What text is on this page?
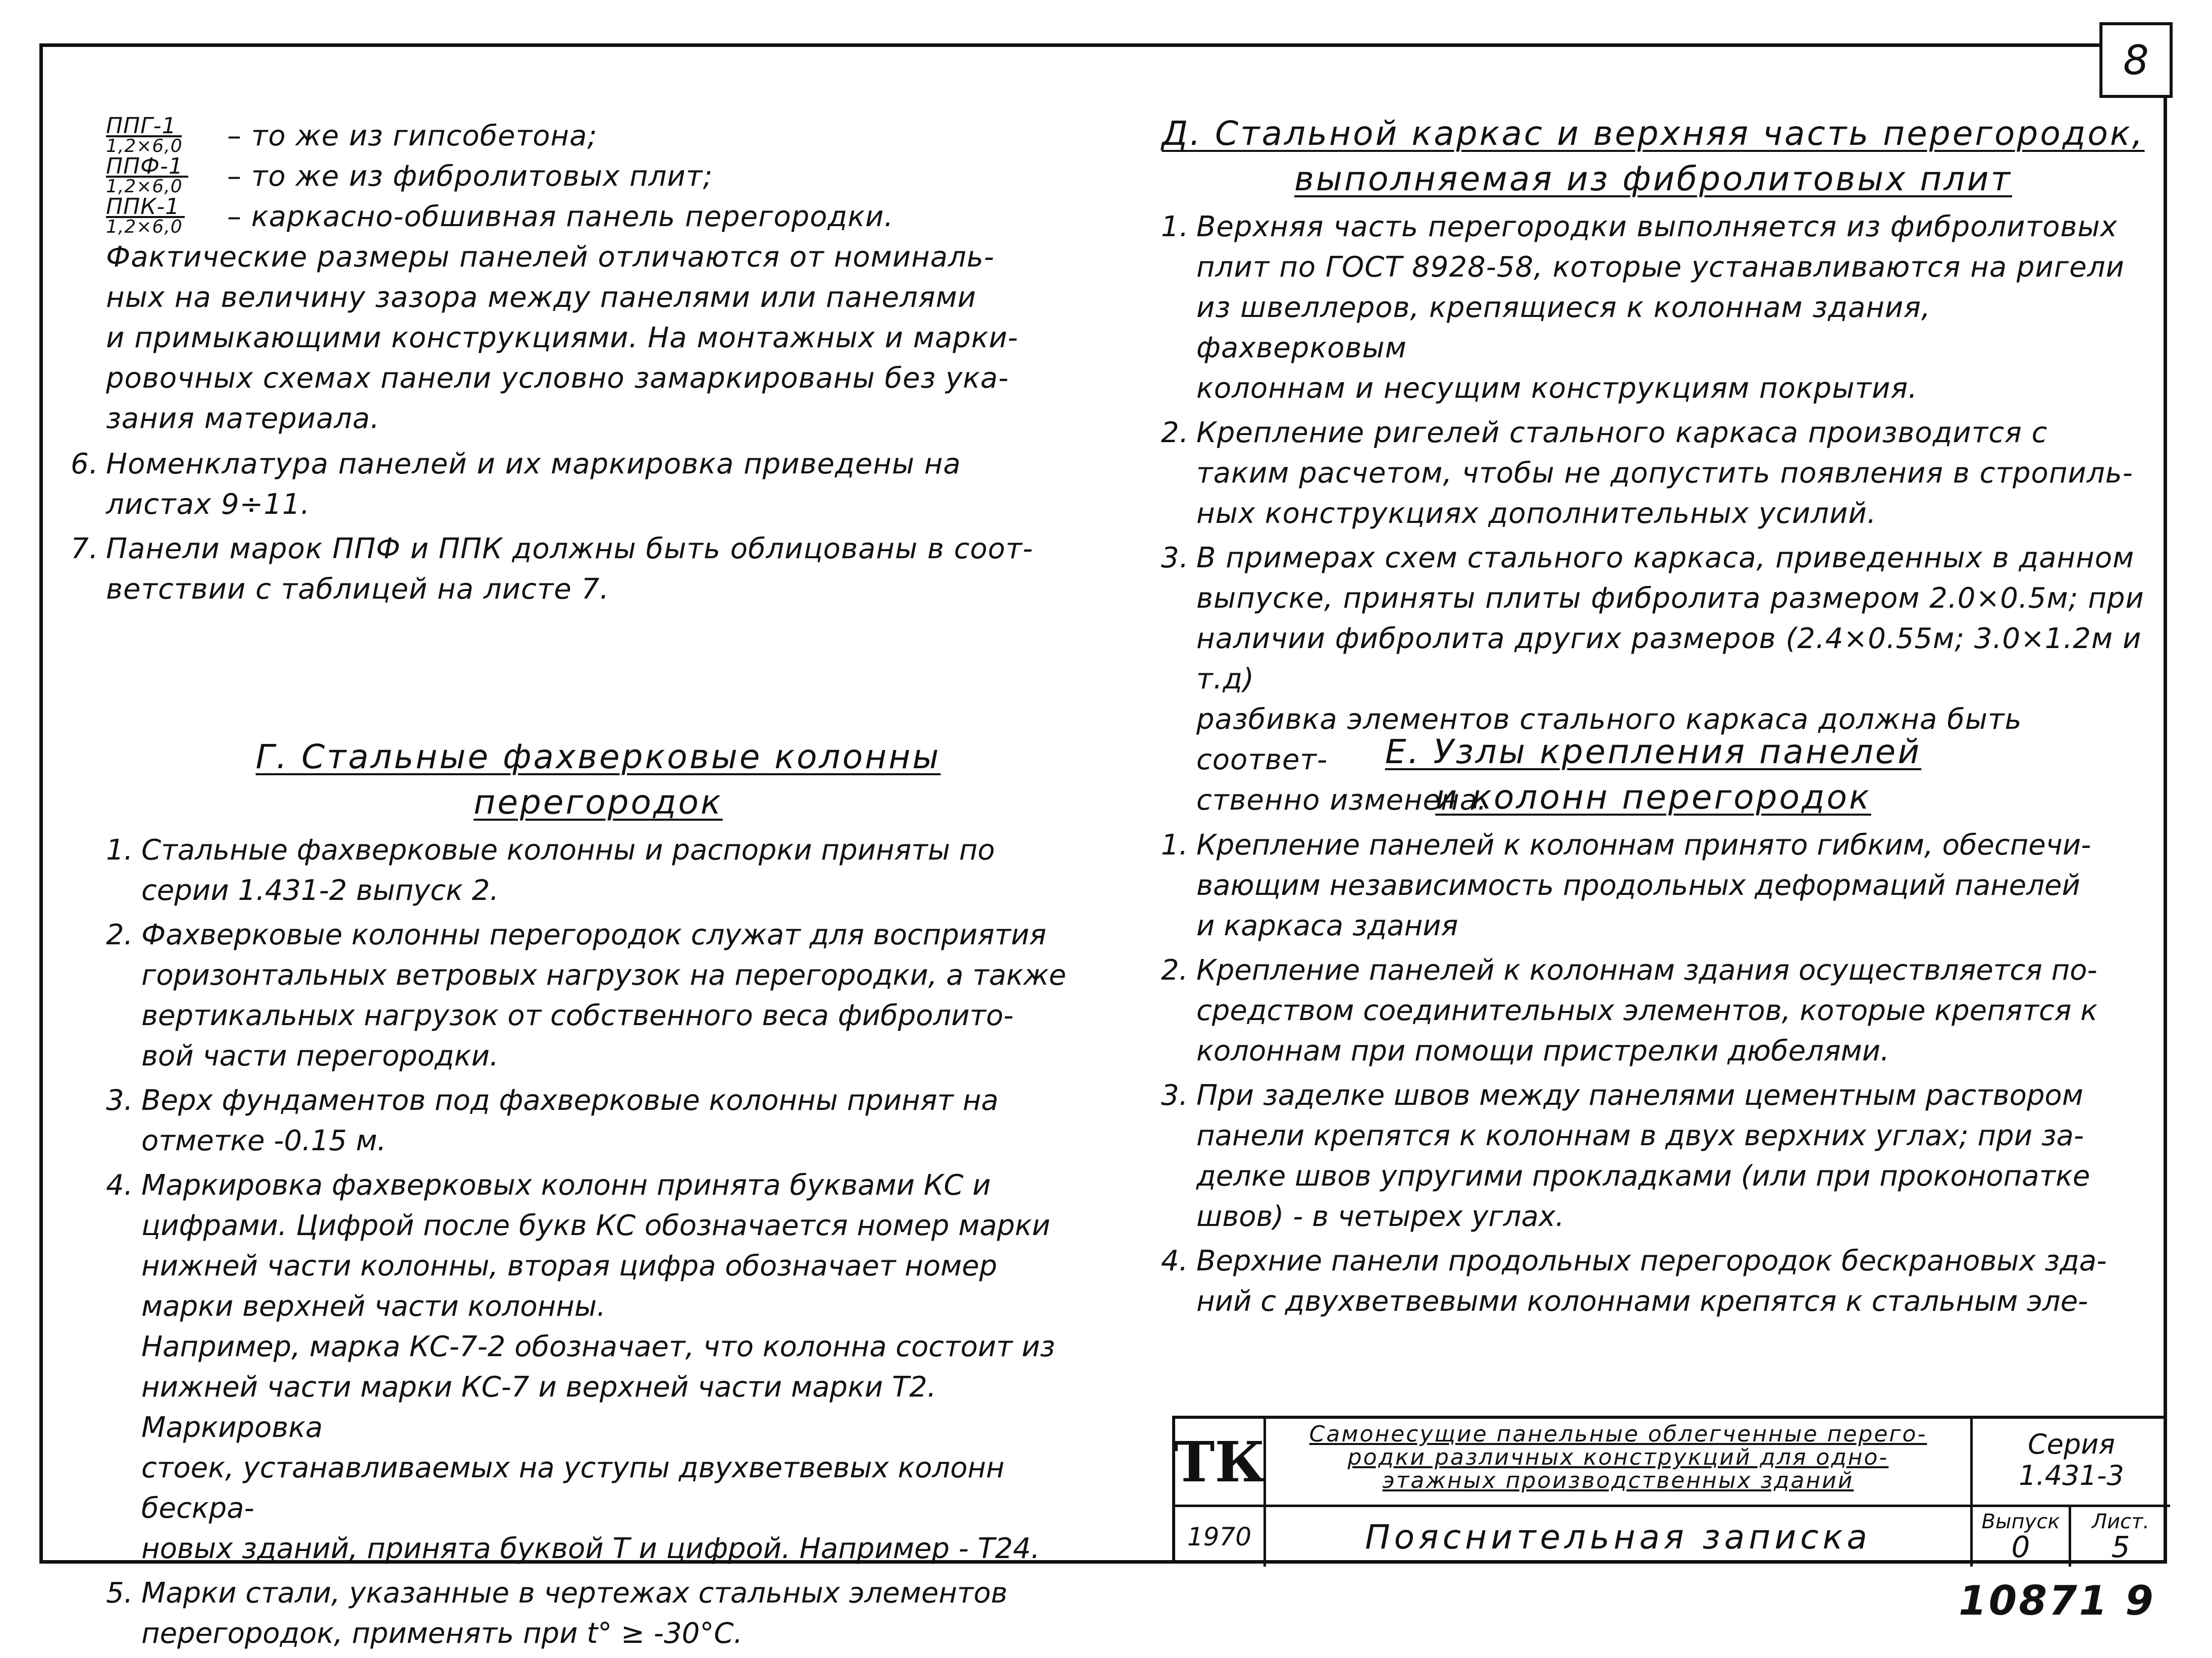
8
$\frac{\text{ППГ-1}}{1,2\times 6,0}$ – то же из гипсобетона;
$\frac{\text{ППФ-1}}{1,2\times 6,0}$ – то же из фибролитовых плит;
$\frac{\text{ППК-1}}{1,2\times 6,0}$ – каркасно-обшивная панель перегородки.

Фактические размеры панелей отличаются от номиналь-
ных на величину зазора между панелями или панелями
и примыкающими конструкциями. На монтажных и марки-
ровочных схемах панели условно замаркированы без ука-
зания материала.

6. Номенклатура панелей и их маркировка приведены на
листах 9÷11.
7. Панели марок ППФ и ППК должны быть облицованы в соот-
ветствии с таблицей на листе 7.

Г. Стальные фахверковые колонны
перегородок

1. Стальные фахверковые колонны и распорки приняты по
серии 1.431-2 выпуск 2.
2. Фахверковые колонны перегородок служат для восприятия
горизонтальных ветровых нагрузок на перегородки, а также
вертикальных нагрузок от собственного веса фибролито-
вой части перегородки.
3. Верх фундаментов под фахверковые колонны принят на
отметке -0.15 м.
4. Маркировка фахверковых колонн принята буквами КС и
цифрами. Цифрой после букв КС обозначается номер марки
нижней части колонны, вторая цифра обозначает номер
марки верхней части колонны.
Например, марка КС-7-2 обозначает, что колонна состоит из
нижней части марки КС-7 и верхней части марки Т2. Маркировка
стоек, устанавливаемых на уступы двухветвевых колонн бескра-
новых зданий, принята буквой Т и цифрой. Например - Т24.
5. Марки стали, указанные в чертежах стальных элементов
перегородок, применять при t° ≥ -30°С.

Д. Стальной каркас и верхняя часть перегородок,
выполняемая из фибролитовых плит

1. Верхняя часть перегородки выполняется из фибролитовых
плит по ГОСТ 8928-58, которые устанавливаются на ригели
из швеллеров, крепящиеся к колоннам здания, фахверковым
колоннам и несущим конструкциям покрытия.
2. Крепление ригелей стального каркаса производится с
таким расчетом, чтобы не допустить появления в стропиль-
ных конструкциях дополнительных усилий.
3. В примерах схем стального каркаса, приведенных в данном
выпуске, приняты плиты фибролита размером 2.0×0.5м; при
наличии фибролита других размеров (2.4×0.55м; 3.0×1.2м и т.д)
разбивка элементов стального каркаса должна быть соответ-
ственно изменена.

Е. Узлы крепления панелей
и колонн перегородок

1. Крепление панелей к колоннам принято гибким, обеспечи-
вающим независимость продольных деформаций панелей
и каркаса здания
2. Крепление панелей к колоннам здания осуществляется по-
средством соединительных элементов, которые крепятся к
колоннам при помощи пристрелки дюбелями.
3. При заделке швов между панелями цементным раствором
панели крепятся к колоннам в двух верхних углах; при за-
делке швов упругими прокладками (или при проконопатке
швов) - в четырех углах.
4. Верхние панели продольных перегородок бескрановых зда-
ний с двухветвевыми колоннами крепятся к стальным эле-
ТК	Самонесущие панельные облегченные перего-
родки различных конструкций для одно-
этажных производственных зданий
Серия
1.431-3
1970	Пояснительная записка	Выпуск
0
Лист.
5
10871 9
